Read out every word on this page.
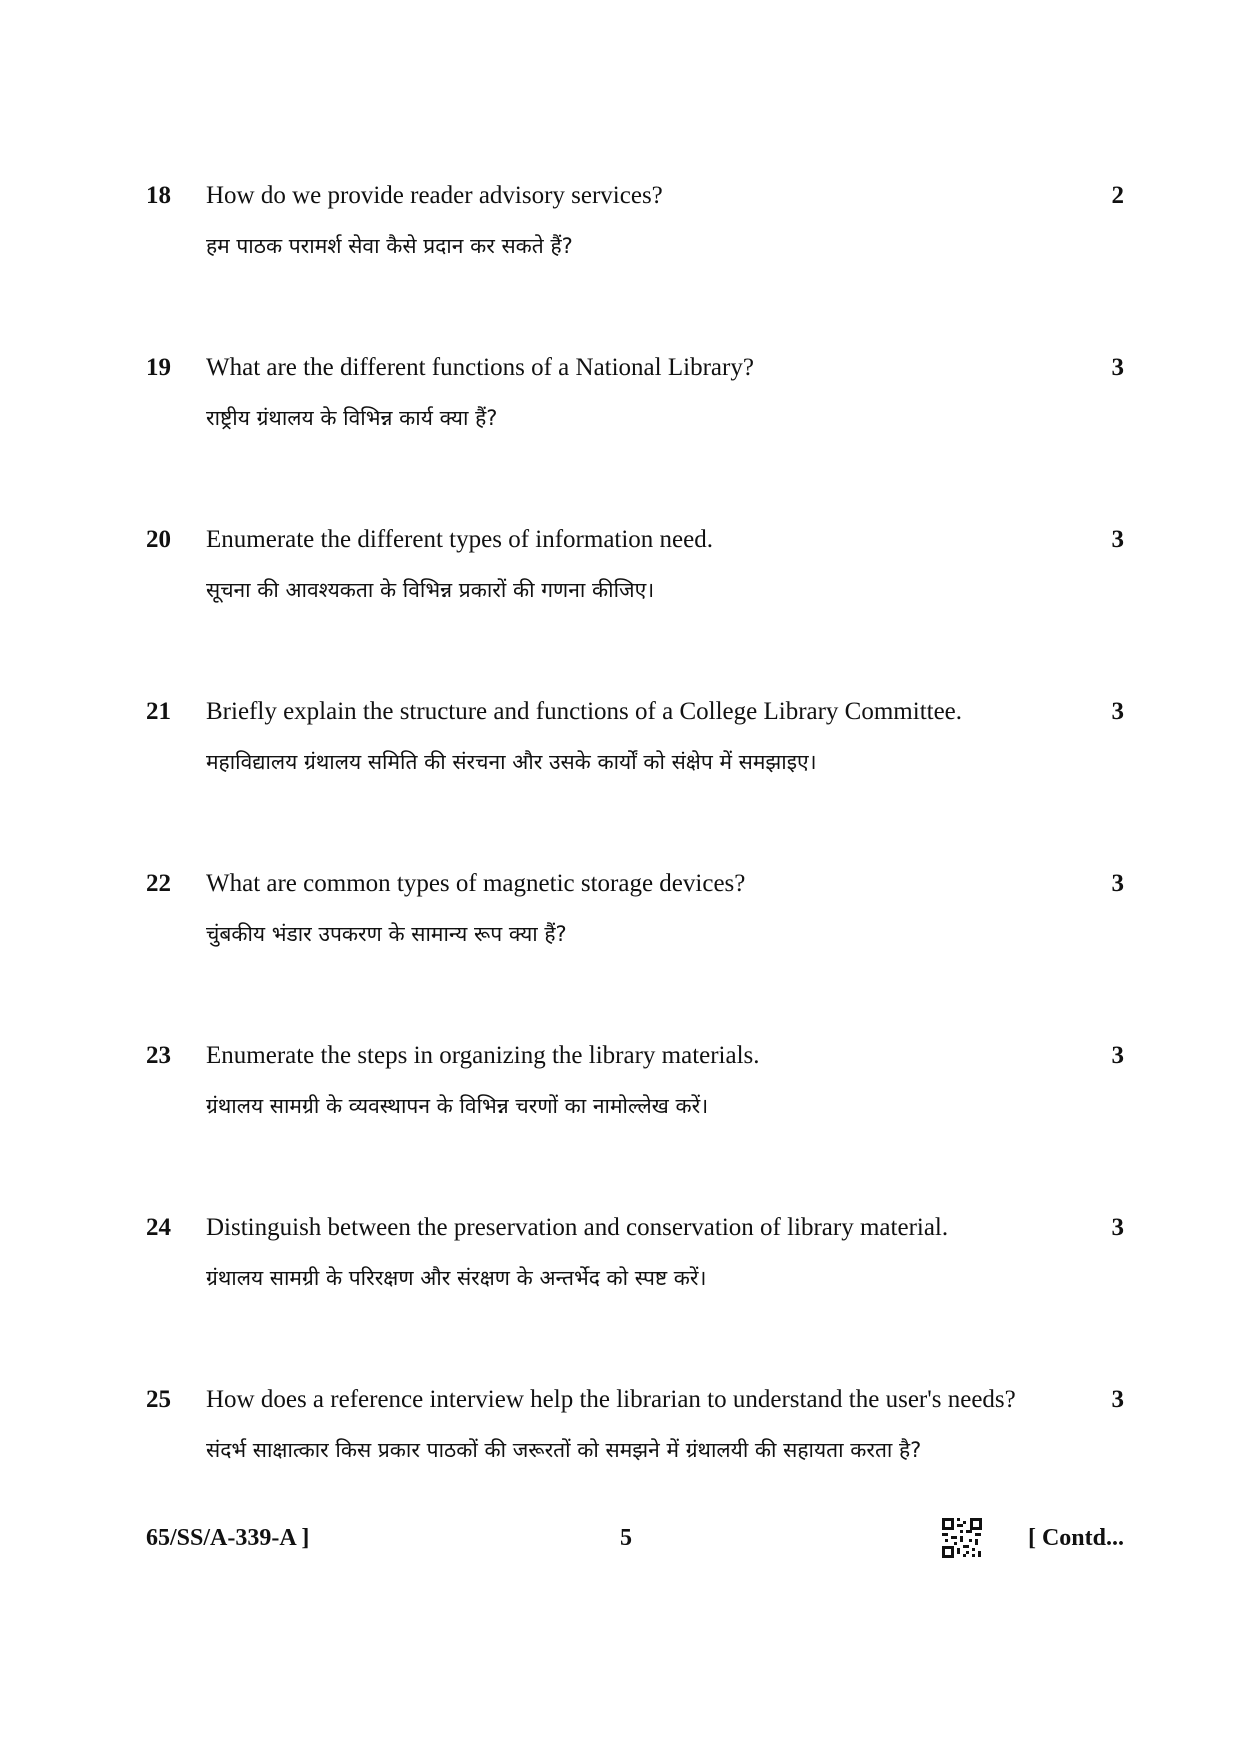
18 How do we provide reader advisory services?
हम पाठक परामर्श सेवा कैसे प्रदान कर सकते हैं?
2
19 What are the different functions of a National Library?
राष्ट्रीय ग्रंथालय के विभिन्न कार्य क्या हैं?
3
20 Enumerate the different types of information need.
सूचना की आवश्यकता के विभिन्न प्रकारों की गणना कीजिए।
3
21 Briefly explain the structure and functions of a College Library Committee.
महाविद्यालय ग्रंथालय समिति की संरचना और उसके कार्यों को संक्षेप में समझाइए।
3
22 What are common types of magnetic storage devices?
चुंबकीय भंडार उपकरण के सामान्य रूप क्या हैं?
3
23 Enumerate the steps in organizing the library materials.
ग्रंथालय सामग्री के व्यवस्थापन के विभिन्न चरणों का नामोल्लेख करें।
3
24 Distinguish between the preservation and conservation of library material.
ग्रंथालय सामग्री के परिरक्षण और संरक्षण के अन्तर्भेद को स्पष्ट करें।
3
25 How does a reference interview help the librarian to understand the user's needs?
संदर्भ साक्षात्कार किस प्रकार पाठकों की जरूरतों को समझने में ग्रंथालयी की सहायता करता है?
3
65/SS/A-339-A ]	5	[ Contd...
